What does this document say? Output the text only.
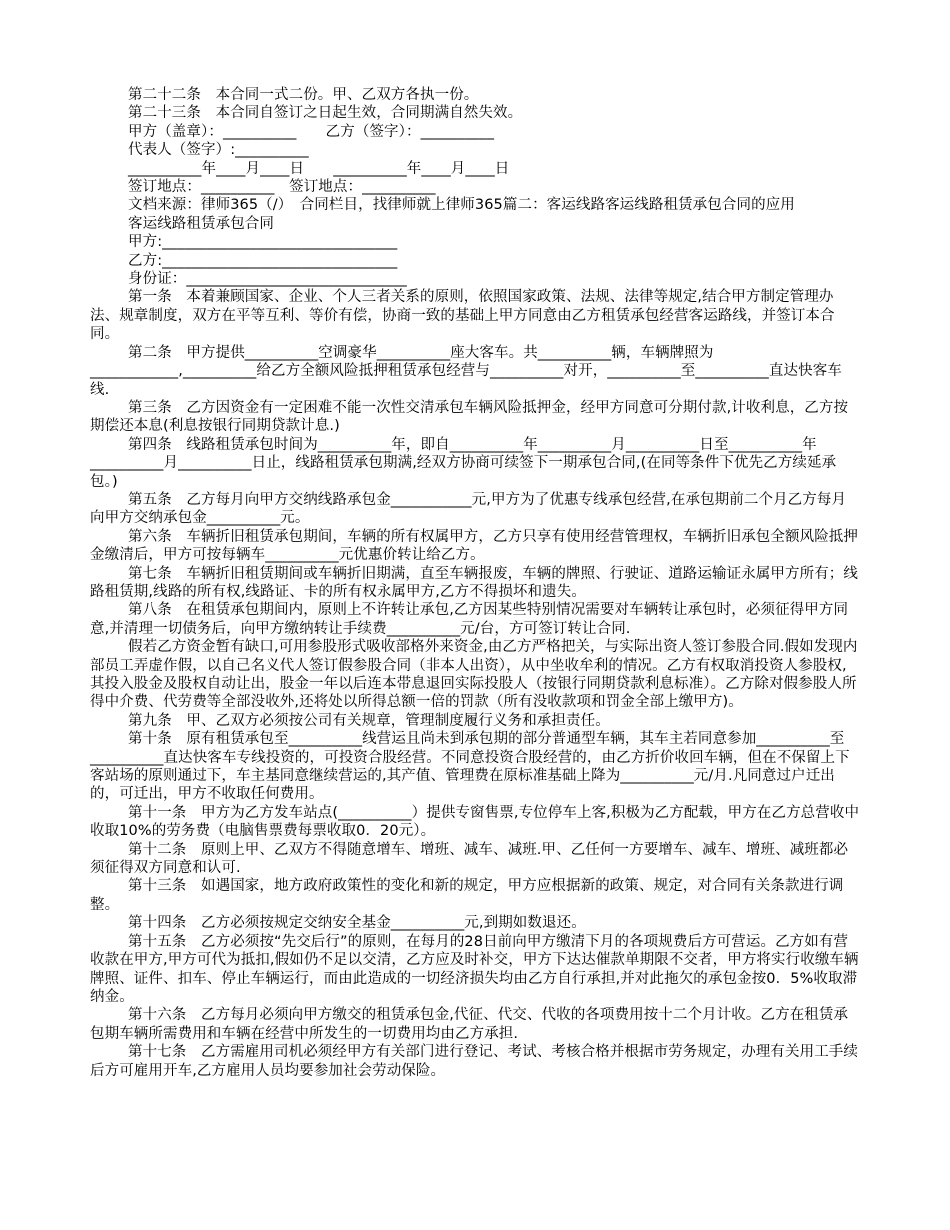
第二十二条　本合同一式二份。甲、乙双方各执一份。
第二十三条　本合同自签订之日起生效，合同期满自然失效。
甲方（盖章）：__________　　乙方（签字）：__________
代表人（签字）:__________
__________年____月____日　　__________年____月____日
签订地点：__________　签订地点：__________

文档来源：律师365（/）　合同栏目，找律师就上律师365篇二：客运线路客运线路租赁承包合同的应用

客运线路租赁承包合同
甲方:________________________________
乙方:________________________________
身份证：______________________________

第一条　本着兼顾国家、企业、个人三者关系的原则，依照国家政策、法规、法律等规定,结合甲方制定管理办法、规章制度，双方在平等互利、等价有偿，协商一致的基础上甲方同意由乙方租赁承包经营客运路线，并签订本合同。

第二条　甲方提供__________空调豪华__________座大客车。共__________辆，车辆牌照为____________,__________给乙方全额风险抵押租赁承包经营与__________对开，__________至__________直达快客车线.

第三条　乙方因资金有一定困难不能一次性交清承包车辆风险抵押金，经甲方同意可分期付款,计收利息，乙方按期偿还本息(利息按银行同期贷款计息.)

第四条　线路租赁承包时间为__________年，即自__________年__________月__________日至__________年__________月__________日止，线路租赁承包期满,经双方协商可续签下一期承包合同,(在同等条件下优先乙方续延承包。)

第五条　乙方每月向甲方交纳线路承包金___________元,甲方为了优惠专线承包经营,在承包期前二个月乙方每月向甲方交纳承包金__________元。

第六条　车辆折旧租赁承包期间，车辆的所有权属甲方，乙方只享有使用经营管理权，车辆折旧承包全额风险抵押金缴清后，甲方可按每辆车__________元优惠价转让给乙方。

第七条　车辆折旧租赁期间或车辆折旧期满，直至车辆报废，车辆的牌照、行驶证、道路运输证永属甲方所有；线路租赁期,线路的所有权,线路证、卡的所有权永属甲方,乙方不得损坏和遗失。

第八条　在租赁承包期间内，原则上不许转让承包,乙方因某些特别情况需要对车辆转让承包时，必须征得甲方同意,并清理一切债务后，向甲方缴纳转让手续费__________元/台，方可签订转让合同.

假若乙方资金暂有缺口,可用参股形式吸收部格外来资金,由乙方严格把关，与实际出资人签订参股合同.假如发现内部员工弄虚作假，以自己名义代人签订假参股合同（非本人出资），从中坐收牟利的情况。乙方有权取消投资人参股权,其投入股金及股权自动让出，股金一年以后连本带息退回实际投股人（按银行同期贷款利息标准）。乙方除对假参股人所得中介费、代劳费等全部没收外,还将处以所得总额一倍的罚款（所有没收款项和罚金全部上缴甲方)。

第九条　甲、乙双方必须按公司有关规章，管理制度履行义务和承担责任。

第十条　原有租赁承包至__________线营运且尚未到承包期的部分普通型车辆，其车主若同意参加__________至__________直达快客车专线投资的，可投资合股经营。不同意投资合股经营的，由乙方折价收回车辆，但在不保留上下客站场的原则通过下，车主基同意继续营运的,其产值、管理费在原标准基础上降为__________元/月.凡同意过户迁出的，可迁出，甲方不收取任何费用。

第十一条　甲方为乙方发车站点(__________）提供专窗售票,专位停车上客,积极为乙方配载，甲方在乙方总营收中收取10%的劳务费（电脑售票费每票收取0．20元）。

第十二条　原则上甲、乙双方不得随意增车、增班、减车、减班.甲、乙任何一方要增车、减车、增班、减班都必须征得双方同意和认可.

第十三条　如遇国家，地方政府政策性的变化和新的规定，甲方应根据新的政策、规定，对合同有关条款进行调整。

第十四条　乙方必须按规定交纳安全基金__________元,到期如数退还。

第十五条　乙方必须按“先交后行”的原则，在每月的28日前向甲方缴清下月的各项规费后方可营运。乙方如有营收款在甲方,甲方可代为抵扣,假如仍不足以交清，乙方应及时补交，甲方下达达催款单期限不交者，甲方将实行收缴车辆牌照、证件、扣车、停止车辆运行，而由此造成的一切经济损失均由乙方自行承担,并对此拖欠的承包金按0．5%收取滞纳金。

第十六条　乙方每月必须向甲方缴交的租赁承包金,代征、代交、代收的各项费用按十二个月计收。乙方在租赁承包期车辆所需费用和车辆在经营中所发生的一切费用均由乙方承担.

第十七条　乙方需雇用司机必须经甲方有关部门进行登记、考试、考核合格并根据市劳务规定，办理有关用工手续后方可雇用开车,乙方雇用人员均要参加社会劳动保险。
